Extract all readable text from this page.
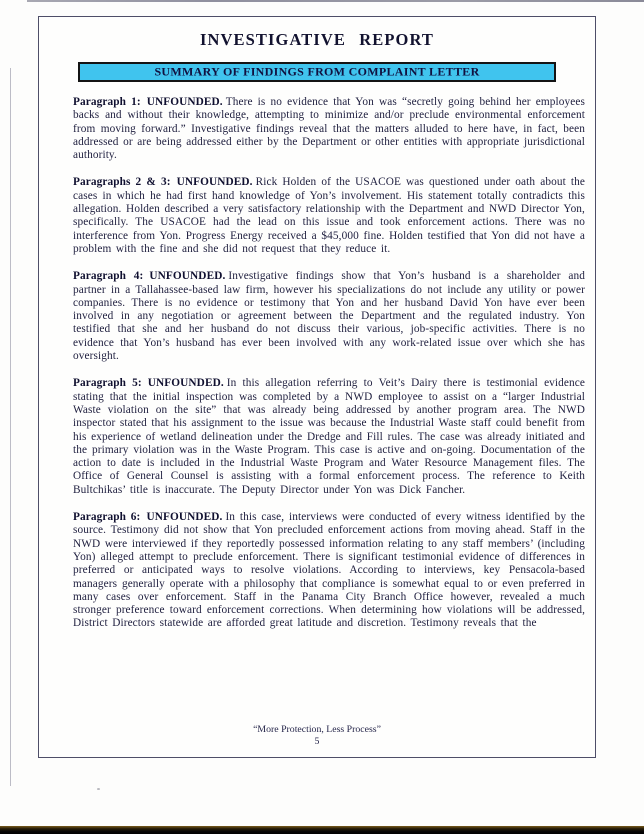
INVESTIGATIVE REPORT
SUMMARY OF FINDINGS FROM COMPLAINT LETTER

Paragraph 1: UNFOUNDED. There is no evidence that Yon was “secretly going behind her employees backs and without their knowledge, attempting to minimize and/or preclude environmental enforcement from moving forward.” Investigative findings reveal that the matters alluded to here have, in fact, been addressed or are being addressed either by the Department or other entities with appropriate jurisdictional authority.

Paragraphs 2 & 3: UNFOUNDED. Rick Holden of the USACOE was questioned under oath about the cases in which he had first hand knowledge of Yon’s involvement. His statement totally contradicts this allegation. Holden described a very satisfactory relationship with the Department and NWD Director Yon, specifically. The USACOE had the lead on this issue and took enforcement actions. There was no interference from Yon. Progress Energy received a $45,000 fine. Holden testified that Yon did not have a problem with the fine and she did not request that they reduce it.

Paragraph 4: UNFOUNDED. Investigative findings show that Yon’s husband is a shareholder and partner in a Tallahassee-based law firm, however his specializations do not include any utility or power companies. There is no evidence or testimony that Yon and her husband David Yon have ever been involved in any negotiation or agreement between the Department and the regulated industry. Yon testified that she and her husband do not discuss their various, job-specific activities. There is no evidence that Yon’s husband has ever been involved with any work-related issue over which she has oversight.

Paragraph 5: UNFOUNDED. In this allegation referring to Veit’s Dairy there is testimonial evidence stating that the initial inspection was completed by a NWD employee to assist on a “larger Industrial Waste violation on the site” that was already being addressed by another program area. The NWD inspector stated that his assignment to the issue was because the Industrial Waste staff could benefit from his experience of wetland delineation under the Dredge and Fill rules. The case was already initiated and the primary violation was in the Waste Program. This case is active and on-going. Documentation of the action to date is included in the Industrial Waste Program and Water Resource Management files. The Office of General Counsel is assisting with a formal enforcement process. The reference to Keith Bultchikas’ title is inaccurate. The Deputy Director under Yon was Dick Fancher.

Paragraph 6: UNFOUNDED. In this case, interviews were conducted of every witness identified by the source. Testimony did not show that Yon precluded enforcement actions from moving ahead. Staff in the NWD were interviewed if they reportedly possessed information relating to any staff members’ (including Yon) alleged attempt to preclude enforcement. There is significant testimonial evidence of differences in preferred or anticipated ways to resolve violations. According to interviews, key Pensacola-based managers generally operate with a philosophy that compliance is somewhat equal to or even preferred in many cases over enforcement. Staff in the Panama City Branch Office however, revealed a much stronger preference toward enforcement corrections. When determining how violations will be addressed, District Directors statewide are afforded great latitude and discretion. Testimony reveals that the

“More Protection, Less Process”
5
